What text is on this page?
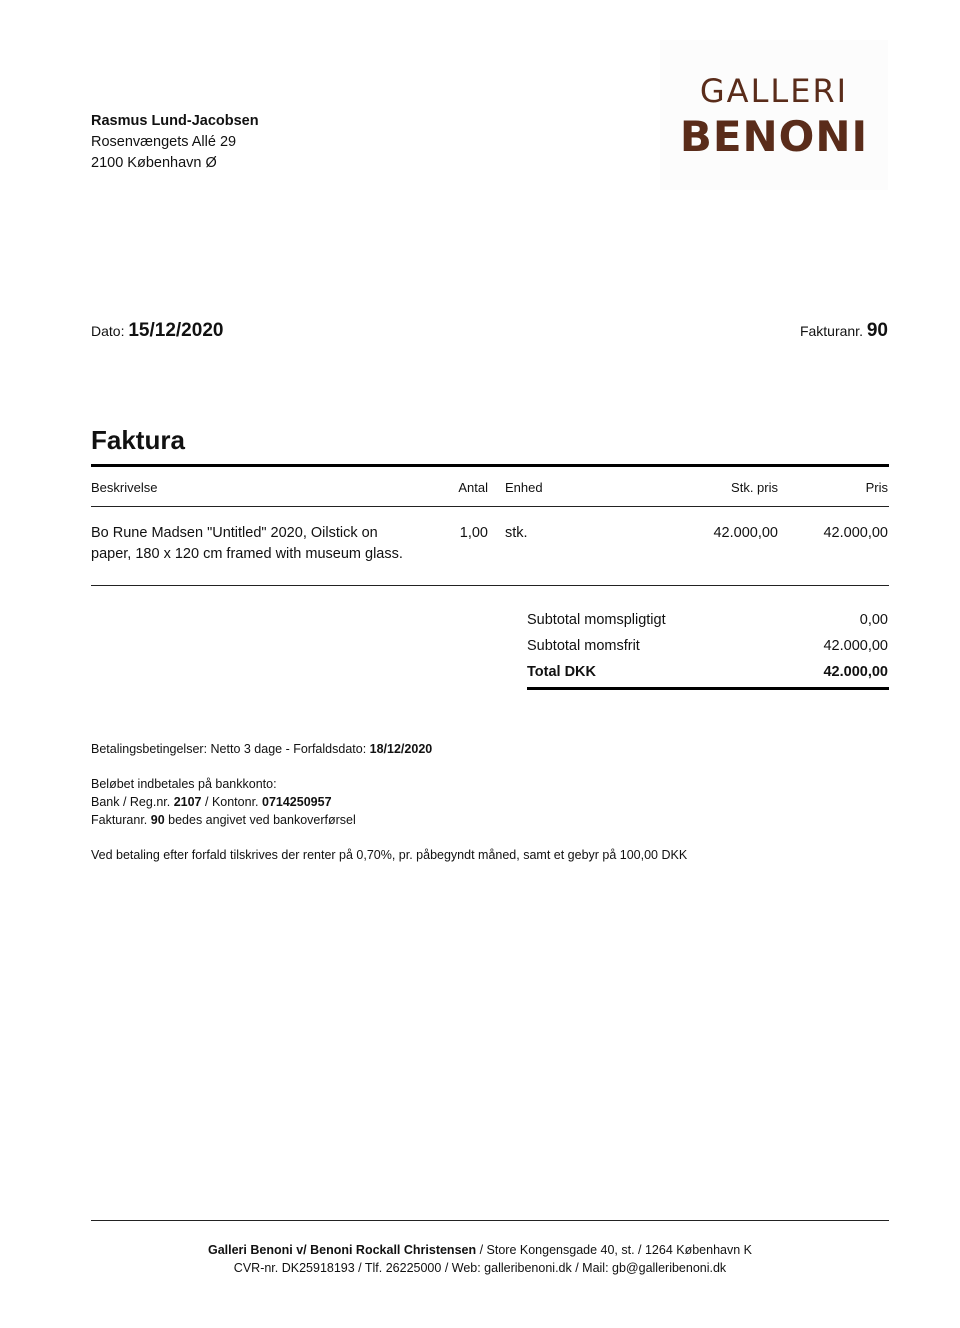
GALLERI
BENONI
Rasmus Lund-Jacobsen
Rosenvængets Allé 29
2100 København Ø
Dato: 15/12/2020	Fakturanr. 90
Faktura
Beskrivelse	Antal Enhed	Stk. pris	Pris
Bo Rune Madsen "Untitled" 2020, Oilstick on
paper, 180 x 120 cm framed with museum glass.
1,00 stk.	42.000,00	42.000,00
Subtotal momspligtigt	0,00
Subtotal momsfrit	42.000,00
Total DKK	42.000,00
Betalingsbetingelser: Netto 3 dage - Forfaldsdato: 18/12/2020
Beløbet indbetales på bankkonto:
Bank / Reg.nr. 2107 / Kontonr. 0714250957
Fakturanr. 90 bedes angivet ved bankoverførsel
Ved betaling efter forfald tilskrives der renter på 0,70%, pr. påbegyndt måned, samt et gebyr på 100,00 DKK
Galleri Benoni v/ Benoni Rockall Christensen / Store Kongensgade 40, st. / 1264 København K
CVR-nr. DK25918193 / Tlf. 26225000 / Web: galleribenoni.dk / Mail: gb@galleribenoni.dk
